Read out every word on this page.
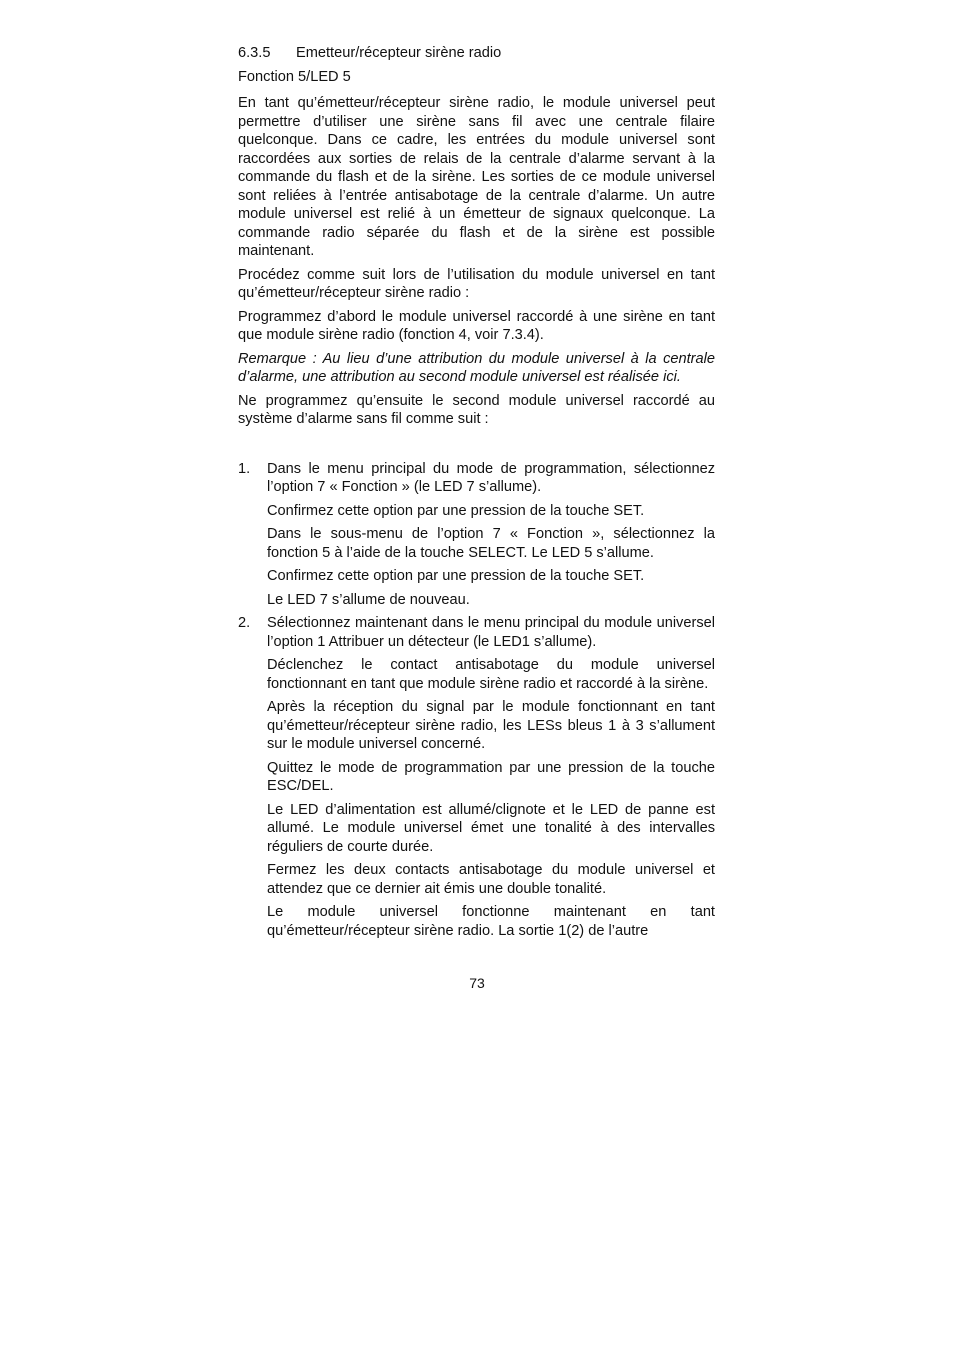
6.3.5	Emetteur/récepteur sirène radio
Fonction 5/LED 5

En tant qu’émetteur/récepteur sirène radio, le module universel peut permettre d’utiliser une sirène sans fil avec une centrale filaire quelconque. Dans ce cadre, les entrées du module universel sont raccordées aux sorties de relais de la centrale d’alarme servant à la commande du flash et de la sirène. Les sorties de ce module universel sont reliées à l’entrée antisabotage de la centrale d’alarme. Un autre module universel est relié à un émetteur de signaux quelconque. La commande radio séparée du flash et de la sirène est possible maintenant.

Procédez comme suit lors de l’utilisation du module universel en tant qu’émetteur/récepteur sirène radio :

Programmez d’abord le module universel raccordé à une sirène en tant que module sirène radio (fonction 4, voir 7.3.4).

Remarque : Au lieu d’une attribution du module universel à la centrale d’alarme, une attribution au second module universel est réalisée ici.

Ne programmez qu’ensuite le second module universel raccordé au système d’alarme sans fil comme suit :

1.	Dans le menu principal du mode de programmation, sélectionnez l’option 7 « Fonction » (le LED 7 s’allume).

Confirmez cette option par une pression de la touche SET.

Dans le sous-menu de l’option 7 « Fonction », sélectionnez la fonction 5 à l’aide de la touche SELECT. Le LED 5 s’allume.

Confirmez cette option par une pression de la touche SET.

Le LED 7 s’allume de nouveau.

2.	Sélectionnez maintenant dans le menu principal du module universel l’option 1 Attribuer un détecteur (le LED1 s’allume).

Déclenchez le contact antisabotage du module universel fonctionnant en tant que module sirène radio et raccordé à la sirène.

Après la réception du signal par le module fonctionnant en tant qu’émetteur/récepteur sirène radio, les LESs bleus 1 à 3 s’allument sur le module universel concerné.

Quittez le mode de programmation par une pression de la touche ESC/DEL.

Le LED d’alimentation est allumé/clignote et le LED de panne est allumé. Le module universel émet une tonalité à des intervalles réguliers de courte durée.

Fermez les deux contacts antisabotage du module universel et attendez que ce dernier ait émis une double tonalité.

Le module universel fonctionne maintenant en tant qu’émetteur/récepteur sirène radio. La sortie 1(2) de l’autre

73
